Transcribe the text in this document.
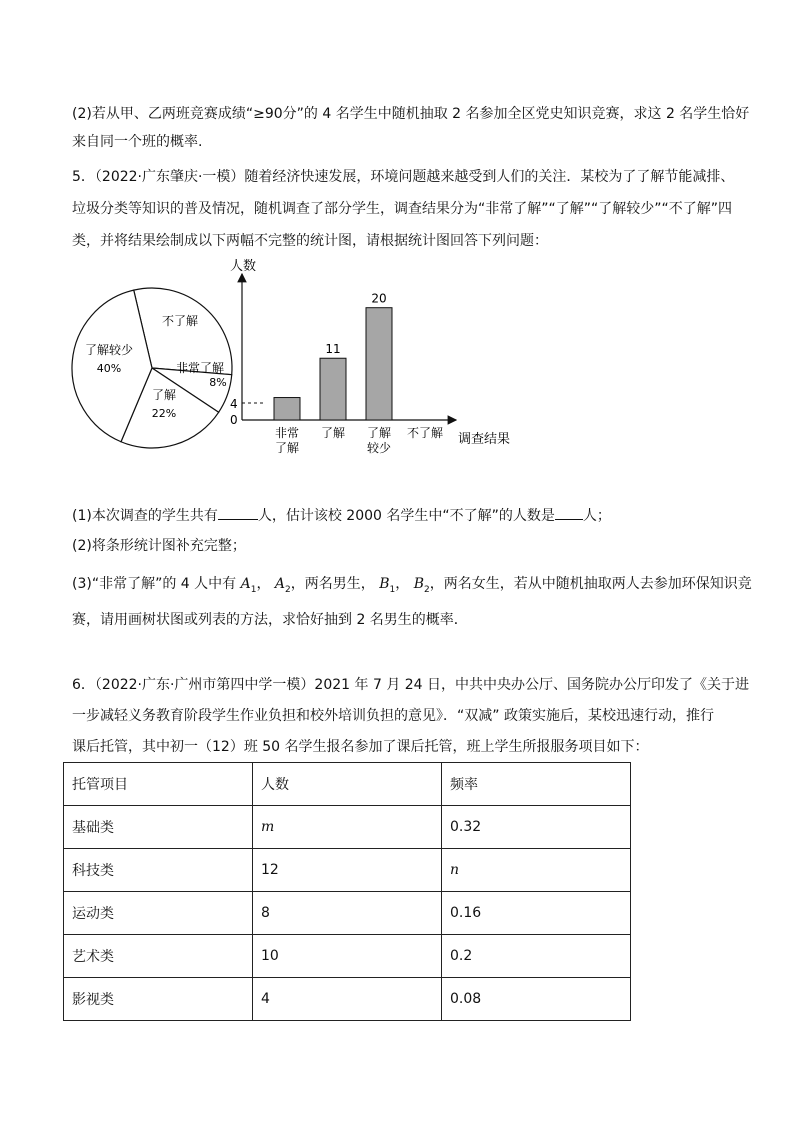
(2)若从甲、乙两班竞赛成绩“≥90分”的 4 名学生中随机抽取 2 名参加全区党史知识竞赛，求这 2 名学生恰好
来自同一个班的概率.
5．（2022·广东肇庆·一模）随着经济快速发展，环境问题越来越受到人们的关注．某校为了了解节能减排、
垃圾分类等知识的普及情况，随机调查了部分学生，调查结果分为“非常了解”“了解”“了解较少”“不了解”四
类，并将结果绘制成以下两幅不完整的统计图，请根据统计图回答下列问题：
不了解
非常了解
8%
了解
22%
了解较少
40%
人数
调查结果
0
4
非常
了解
11
了解
20
了解
较少
不了解
(1)本次调查的学生共有	人，估计该校 2000 名学生中“不了解”的人数是 人；
(2)将条形统计图补充完整；
(3)“非常了解”的 4 人中有 $A_1$， $A_2$，两名男生， $B_1$， $B_2$，两名女生，若从中随机抽取两人去参加环保知识竞
赛，请用画树状图或列表的方法，求恰好抽到 2 名男生的概率．
6．（2022·广东·广州市第四中学一模）2021 年 7 月 24 日，中共中央办公厅、国务院办公厅印发了《关于进
一步减轻义务教育阶段学生作业负担和校外培训负担的意见》．“双减” 政策实施后，某校迅速行动，推行
课后托管，其中初一（12）班 50 名学生报名参加了课后托管，班上学生所报服务项目如下：
托管项目	人数	频率
基础类	m	0.32
科技类	12	n
运动类	8	0.16
艺术类	10	0.2
影视类	4	0.08
